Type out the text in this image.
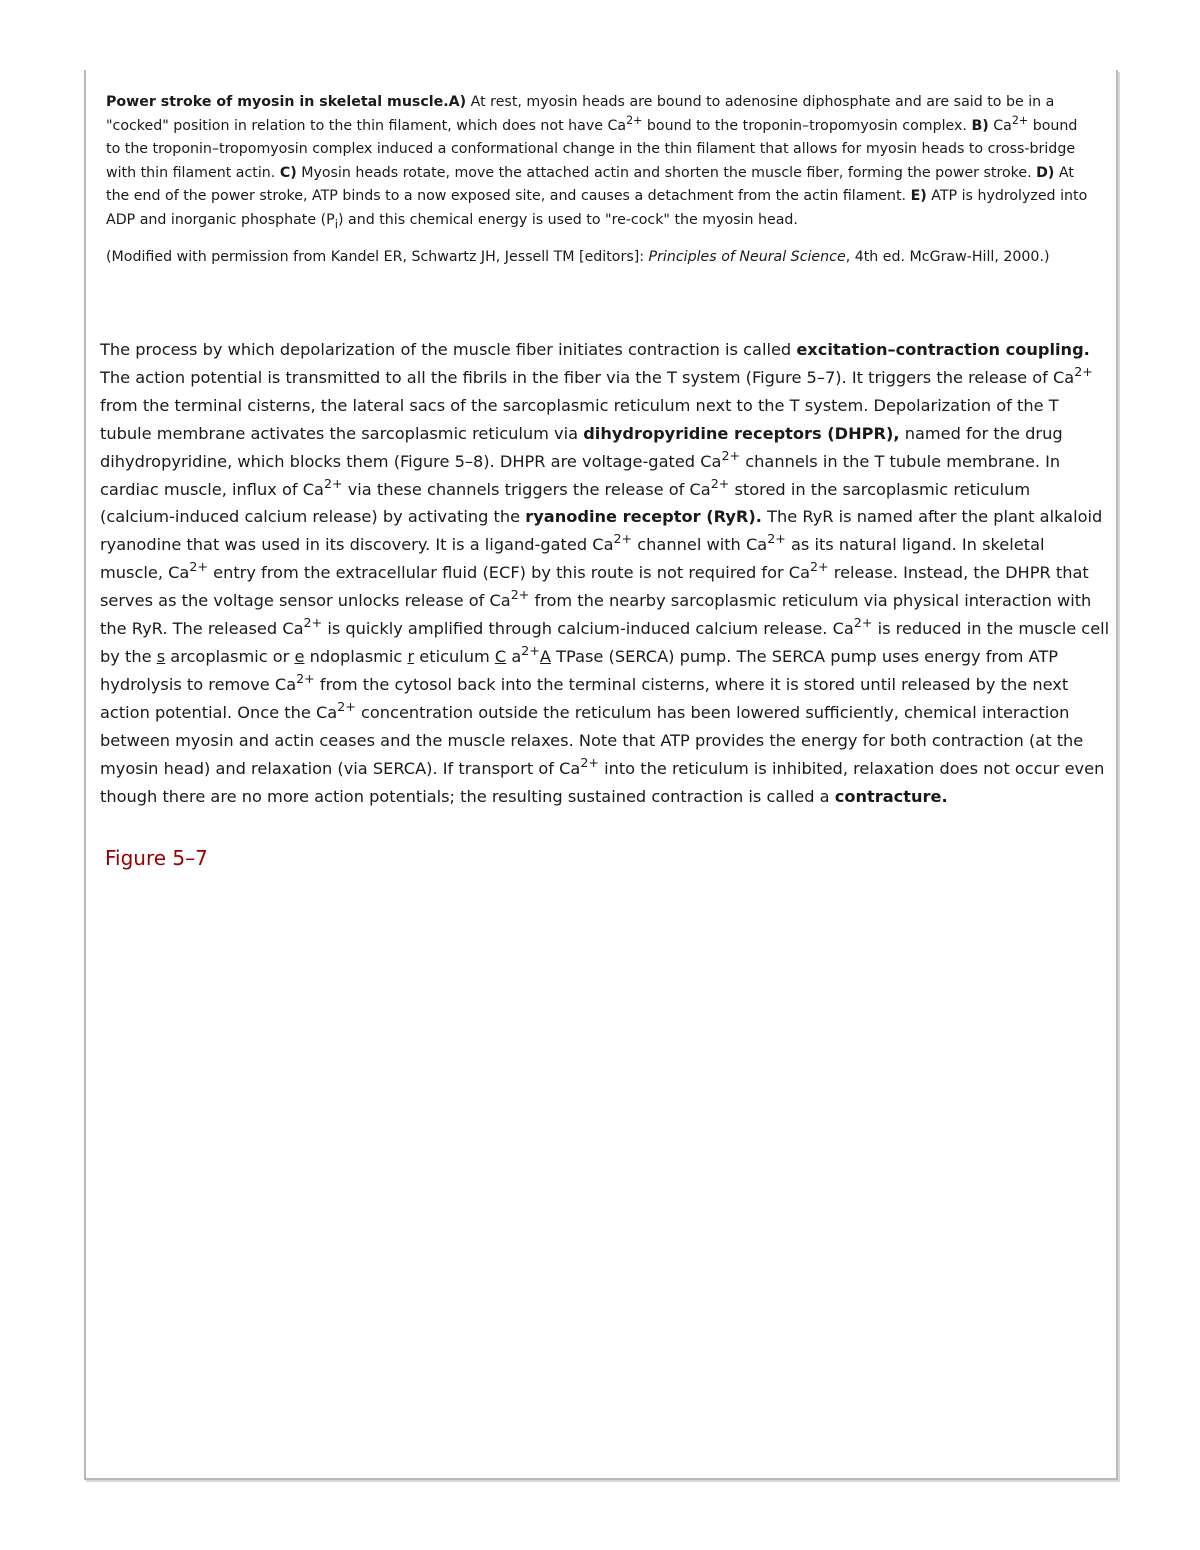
Power stroke of myosin in skeletal muscle.A) At rest, myosin heads are bound to adenosine diphosphate and are said to be in a "cocked" position in relation to the thin filament, which does not have $Ca^{2+}$ bound to the troponin–tropomyosin complex. B) $Ca^{2+}$ bound to the troponin–tropomyosin complex induced a conformational change in the thin filament that allows for myosin heads to cross-bridge with thin filament actin. C) Myosin heads rotate, move the attached actin and shorten the muscle fiber, forming the power stroke. D) At the end of the power stroke, ATP binds to a now exposed site, and causes a detachment from the actin filament. E) ATP is hydrolyzed into ADP and inorganic phosphate $(P_i)$ and this chemical energy is used to "re-cock" the myosin head.

(Modified with permission from Kandel ER, Schwartz JH, Jessell TM [editors]: Principles of Neural Science, 4th ed. McGraw-Hill, 2000.)

The process by which depolarization of the muscle fiber initiates contraction is called excitation–contraction coupling. The action potential is transmitted to all the fibrils in the fiber via the T system (Figure 5–7). It triggers the release of $Ca^{2+}$ from the terminal cisterns, the lateral sacs of the sarcoplasmic reticulum next to the T system. Depolarization of the T tubule membrane activates the sarcoplasmic reticulum via dihydropyridine receptors (DHPR), named for the drug dihydropyridine, which blocks them (Figure 5–8). DHPR are voltage-gated $Ca^{2+}$ channels in the T tubule membrane. In cardiac muscle, influx of $Ca^{2+}$ via these channels triggers the release of $Ca^{2+}$ stored in the sarcoplasmic reticulum (calcium-induced calcium release) by activating the ryanodine receptor (RyR). The RyR is named after the plant alkaloid ryanodine that was used in its discovery. It is a ligand-gated $Ca^{2+}$ channel with $Ca^{2+}$ as its natural ligand. In skeletal muscle, $Ca^{2+}$ entry from the extracellular fluid (ECF) by this route is not required for $Ca^{2+}$ release. Instead, the DHPR that serves as the voltage sensor unlocks release of $Ca^{2+}$ from the nearby sarcoplasmic reticulum via physical interaction with the RyR. The released $Ca^{2+}$ is quickly amplified through calcium-induced calcium release. $Ca^{2+}$ is reduced in the muscle cell by the s arcoplasmic or e ndoplasmic r eticulum C $a^{2+}A$ TPase (SERCA) pump. The SERCA pump uses energy from ATP hydrolysis to remove $Ca^{2+}$ from the cytosol back into the terminal cisterns, where it is stored until released by the next action potential. Once the $Ca^{2+}$ concentration outside the reticulum has been lowered sufficiently, chemical interaction between myosin and actin ceases and the muscle relaxes. Note that ATP provides the energy for both contraction (at the myosin head) and relaxation (via SERCA). If transport of $Ca^{2+}$ into the reticulum is inhibited, relaxation does not occur even though there are no more action potentials; the resulting sustained contraction is called a contracture.

Figure 5–7
